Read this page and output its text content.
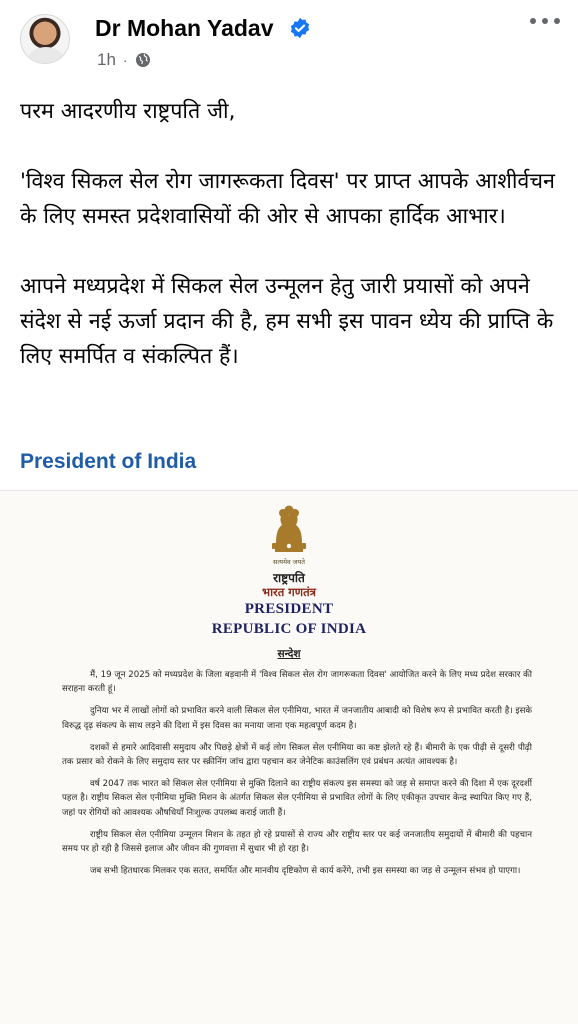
Dr Mohan Yadav
1h ·

परम आदरणीय राष्ट्रपति जी,

'विश्व सिकल सेल रोग जागरूकता दिवस' पर प्राप्त आपके आशीर्वचन के लिए समस्त प्रदेशवासियों की ओर से आपका हार्दिक आभार।

आपने मध्यप्रदेश में सिकल सेल उन्मूलन हेतु जारी प्रयासों को अपने संदेश से नई ऊर्जा प्रदान की है, हम सभी इस पावन ध्येय की प्राप्ति के लिए समर्पित व संकल्पित हैं।

President of India
सत्यमेव जयते
राष्ट्रपति
भारत गणतंत्र
PRESIDENT
REPUBLIC OF INDIA
सन्देश

मैं, 19 जून 2025 को मध्यप्रदेश के जिला बड़वानी में 'विश्व सिकल सेल रोग जागरूकता दिवस' आयोजित करने के लिए मध्य प्रदेश सरकार की सराहना करती हूं।

दुनिया भर में लाखों लोगों को प्रभावित करने वाली सिकल सेल एनीमिया, भारत में जनजातीय आबादी को विशेष रूप से प्रभावित करती है। इसके विरुद्ध दृढ़ संकल्प के साथ लड़ने की दिशा में इस दिवस का मनाया जाना एक महत्वपूर्ण कदम है।

दशकों से हमारे आदिवासी समुदाय और पिछड़े क्षेत्रों में कई लोग सिकल सेल एनीमिया का कष्ट झेलते रहे हैं। बीमारी के एक पीढ़ी से दूसरी पीढ़ी तक प्रसार को रोकने के लिए समुदाय स्तर पर स्क्रीनिंग जांच द्वारा पहचान कर जेनेटिक काउंसलिंग एवं प्रबंधन अत्यंत आवश्यक है।

वर्ष 2047 तक भारत को सिकल सेल एनीमिया से मुक्ति दिलाने का राष्ट्रीय संकल्प इस समस्या को जड़ से समाप्त करने की दिशा में एक दूरदर्शी पहल है। राष्ट्रीय सिकल सेल एनीमिया मुक्ति मिशन के अंतर्गत सिकल सेल एनीमिया से प्रभावित लोगों के लिए एकीकृत उपचार केन्द्र स्थापित किए गए हैं, जहां पर रोगियों को आवश्यक औषधियाँ निःशुल्क उपलब्ध कराई जाती हैं।

राष्ट्रीय सिकल सेल एनीमिया उन्मूलन मिशन के तहत हो रहे प्रयासों से राज्य और राष्ट्रीय स्तर पर कई जनजातीय समुदायों में बीमारी की पहचान समय पर हो रही है जिससे इलाज और जीवन की गुणवत्ता में सुधार भी हो रहा है।

जब सभी हितधारक मिलकर एक सतत, समर्पित और मानवीय दृष्टिकोण से कार्य करेंगे, तभी इस समस्या का जड़ से उन्मूलन संभव हो पाएगा।
